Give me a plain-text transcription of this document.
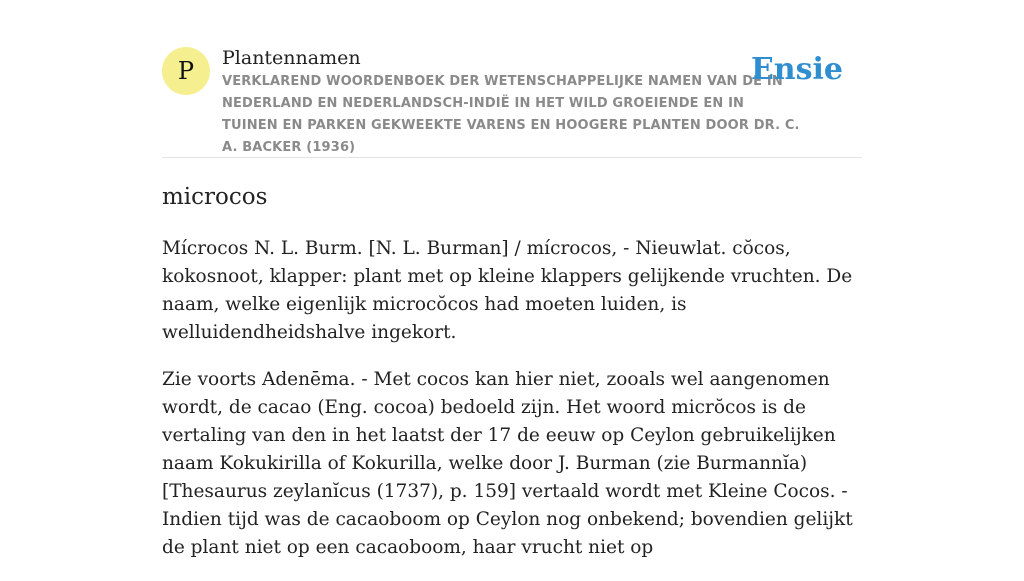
P	Plantennamen
VERKLAREND WOORDENBOEK DER WETENSCHAPPELIJKE NAMEN VAN DE IN NEDERLAND EN NEDERLANDSCH-INDIË IN HET WILD GROEIENDE EN IN TUINEN EN PARKEN GEKWEEKTE VARENS EN HOOGERE PLANTEN DOOR DR. C. A. BACKER (1936)
Ensie
microcos

Mícrocos N. L. Burm. [N. L. Burman] / mícrocos, - Nieuwlat. cŏcos, kokosnoot, klapper: plant met op kleine klappers gelijkende vruchten. De naam, welke eigenlijk microcŏcos had moeten luiden, is welluidendheidshalve ingekort.

Zie voorts Adenēma. - Met cocos kan hier niet, zooals wel aangenomen wordt, de cacao (Eng. cocoa) bedoeld zijn. Het woord micrŏcos is de vertaling van den in het laatst der 17 de eeuw op Ceylon gebruikelijken naam Kokukirilla of Kokurilla, welke door J. Burman (zie Burmannĭa) [Thesaurus zeylanĭcus (1737), p. 159] vertaald wordt met Kleine Cocos. - Indien tijd was de cacaoboom op Ceylon nog onbekend; bovendien gelijkt de plant niet op een cacaoboom, haar vrucht niet op
